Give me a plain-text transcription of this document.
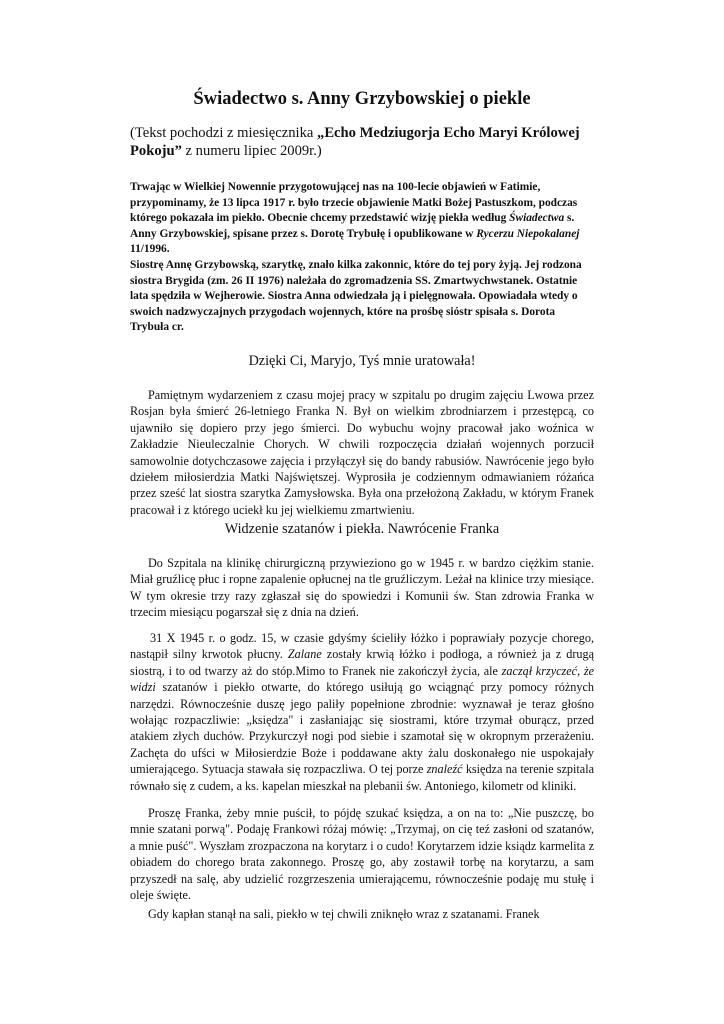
Świadectwo s. Anny Grzybowskiej o piekle

(Tekst pochodzi z miesięcznika „Echo Medziugorja Echo Maryi Królowej Pokoju” z numeru lipiec 2009r.)

Trwając w Wielkiej Nowennie przygotowującej nas na 100-lecie objawień w Fatimie, przypominamy, że 13 lipca 1917 r. było trzecie objawienie Matki Bożej Pastuszkom, podczas którego pokazała im piekło. Obecnie chcemy przedstawić wizję piekła według Świadectwa s. Anny Grzybowskiej, spisane przez s. Dorotę Trybułę i opublikowane w Rycerzu Niepokalanej 11/1996.

Siostrę Annę Grzybowską, szarytkę, znało kilka zakonnic, które do tej pory żyją. Jej rodzona siostra Brygida (zm. 26 II 1976) należała do zgromadzenia SS. Zmartwychwstanek. Ostatnie lata spędziła w Wejherowie. Siostra Anna odwiedzała ją i pielęgnowała. Opowiadała wtedy o swoich nadzwyczajnych przygodach wojennych, które na prośbę sióstr spisała s. Dorota Trybuła cr.

Dzięki Ci, Maryjo, Tyś mnie uratowała!

Pamiętnym wydarzeniem z czasu mojej pracy w szpitalu po drugim zajęciu Lwowa przez Rosjan była śmierć 26-letniego Franka N. Był on wielkim zbrodniarzem i przestępcą, co ujawniło się dopiero przy jego śmierci. Do wybuchu wojny pracował jako woźnica w Zakładzie Nieuleczalnie Chorych. W chwili rozpoczęcia działań wojennych porzucił samowolnie dotychczasowe zajęcia i przyłączył się do bandy rabusiów. Nawrócenie jego było dziełem miłosierdzia Matki Najświętszej. Wyprosiła je codziennym odmawianiem różańca przez sześć lat siostra szarytka Zamysłowska. Była ona przełożoną Zakładu, w którym Franek pracował i z którego uciekł ku jej wielkiemu zmartwieniu.

Widzenie szatanów i piekła. Nawrócenie Franka

Do Szpitala na klinikę chirurgiczną przywieziono go w 1945 r. w bardzo ciężkim stanie. Miał gruźlicę płuc i ropne zapalenie opłucnej na tle gruźliczym. Leżał na klinice trzy miesiące. W tym okresie trzy razy zgłaszał się do spowiedzi i Komunii św. Stan zdrowia Franka w trzecim miesiącu pogarszał się z dnia na dzień.

31 X 1945 r. o godz. 15, w czasie gdyśmy ścieliły łóżko i poprawiały pozycje chorego, nastąpił silny krwotok płucny. Zalane zostały krwią łóżko i podłoga, a również ja z drugą siostrą, i to od twarzy aż do stóp.Mimo to Franek nie zakończył życia, ale zaczął krzyczeć, że widzi szatanów i piekło otwarte, do którego usiłują go wciągnąć przy pomocy różnych narzędzi. Równocześnie duszę jego paliły popełnione zbrodnie: wyznawał je teraz głośno wołając rozpaczliwie: „księdza" i zasłaniając się siostrami, które trzymał oburącz, przed atakiem złych duchów. Przykurczył nogi pod siebie i szamotał się w okropnym przerażeniu. Zachęta do ufści w Miłosierdzie Boże i poddawane akty żalu doskonałego nie uspokajały umierającego. Sytuacja stawała się rozpaczliwa. O tej porze znaleźć księdza na terenie szpitala równało się z cudem, a ks. kapelan mieszkał na plebanii św. Antoniego, kilometr od kliniki.

Proszę Franka, żeby mnie puścił, to pójdę szukać księdza, a on na to: „Nie puszczę, bo mnie szatani porwą". Podaję Frankowi różaj mówię: „Trzymaj, on cię teź zasłoni od szatanów, a mnie puść". Wyszłam zrozpaczona na korytarz i o cudo! Korytarzem idzie ksiądz karmelita z obiadem do chorego brata zakonnego. Proszę go, aby zostawił torbę na korytarzu, a sam przyszedł na salę, aby udzielić rozgrzeszenia umierającemu, równocześnie podaję mu stułę i oleje święte.

Gdy kapłan stanął na sali, piekło w tej chwili zniknęło wraz z szatanami. Franek
